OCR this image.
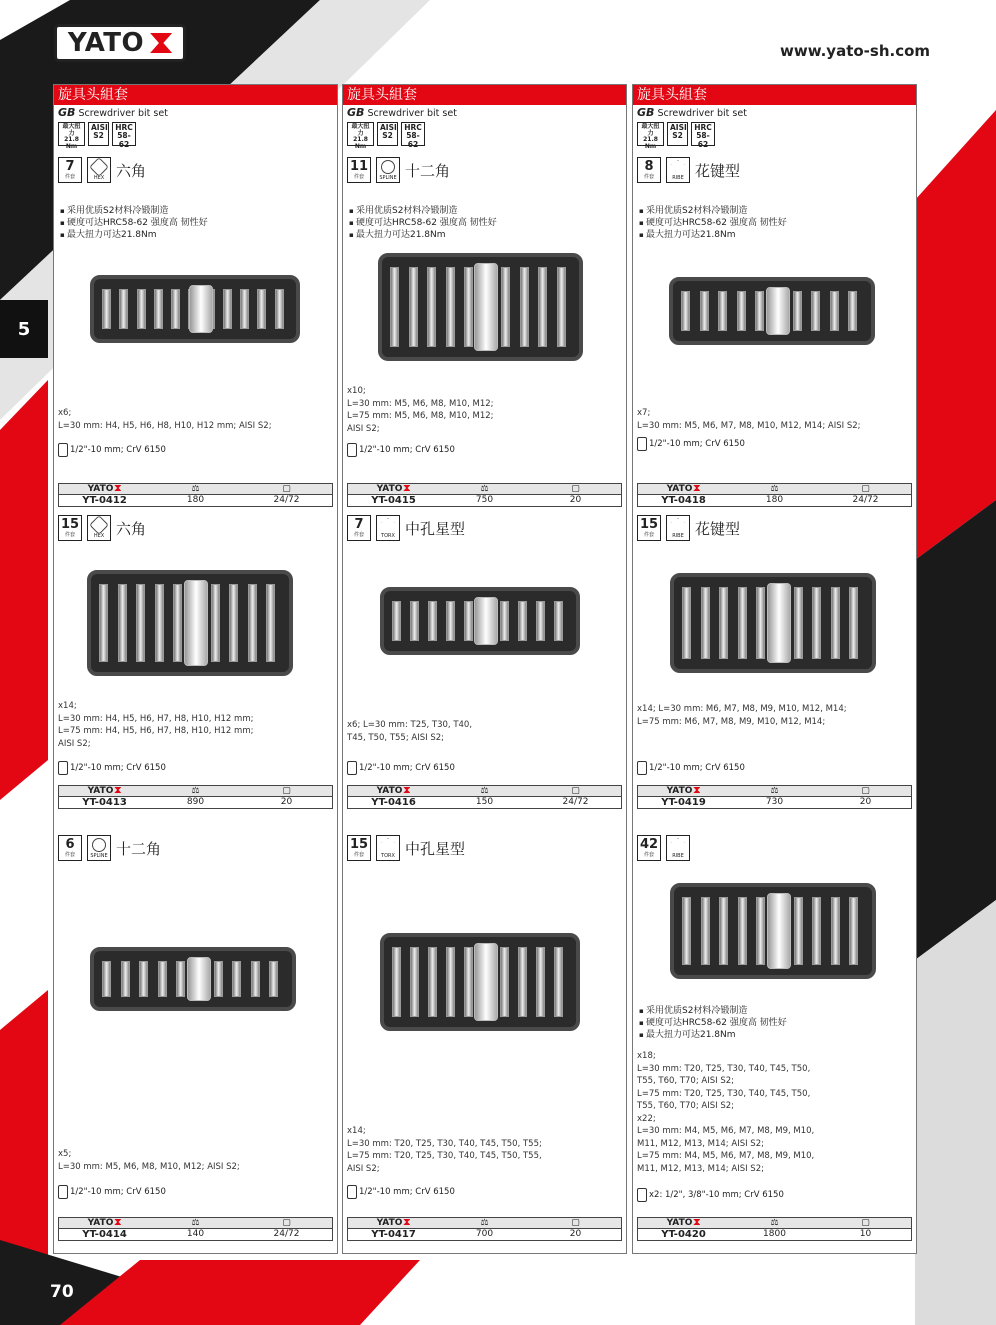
YATO	www.yato-sh.com
5
70
旋具头組套
GB Screwdriver bit set
最大扭力 21.8 Nm
AISI S2
HRC 58-62
7
件套	HEX 六角
▪ 采用优质S2材料冷锻制造
▪ 硬度可达HRC58-62 强度高 韧性好
▪ 最大扭力可达21.8Nm
x6;
L=30 mm: H4, H5, H6, H8, H10, H12 mm; AISI S2;
1/2"-10 mm; CrV 6150
YATO	⚖	▢
YT-0412	180	24/72
15
件套	HEX 六角
x14;
L=30 mm: H4, H5, H6, H7, H8, H10, H12 mm;
L=75 mm: H4, H5, H6, H7, H8, H10, H12 mm;
AISI S2;
1/2"-10 mm; CrV 6150
YATO	⚖	▢
YT-0413	890	20
6
件套	SPLINE 十二角
x5;
L=30 mm: M5, M6, M8, M10, M12; AISI S2;
1/2"-10 mm; CrV 6150
YATO	⚖	▢
YT-0414	140	24/72
旋具头組套
GB Screwdriver bit set
最大扭力 21.8 Nm
AISI S2
HRC 58-62
11
件套	SPLINE 十二角
▪ 采用优质S2材料冷锻制造
▪ 硬度可达HRC58-62 强度高 韧性好
▪ 最大扭力可达21.8Nm
x10;
L=30 mm: M5, M6, M8, M10, M12;
L=75 mm: M5, M6, M8, M10, M12;
AISI S2;
1/2"-10 mm; CrV 6150
YATO	⚖	▢
YT-0415	750	20
7
件套	TORX 中孔星型
x6; L=30 mm: T25, T30, T40,
T45, T50, T55; AISI S2;
1/2"-10 mm; CrV 6150
YATO	⚖	▢
YT-0416	150	24/72
15
件套	TORX 中孔星型
x14;
L=30 mm: T20, T25, T30, T40, T45, T50, T55;
L=75 mm: T20, T25, T30, T40, T45, T50, T55,
AISI S2;
1/2"-10 mm; CrV 6150
YATO	⚖	▢
YT-0417	700	20
旋具头組套
GB Screwdriver bit set
最大扭力 21.8 Nm
AISI S2
HRC 58-62
8
件套	RIBE 花键型
▪ 采用优质S2材料冷锻制造
▪ 硬度可达HRC58-62 强度高 韧性好
▪ 最大扭力可达21.8Nm
x7;
L=30 mm: M5, M6, M7, M8, M10, M12, M14; AISI S2;
1/2"-10 mm; CrV 6150
YATO	⚖	▢
YT-0418	180	24/72
15
件套	RIBE 花键型
x14; L=30 mm: M6, M7, M8, M9, M10, M12, M14;
L=75 mm: M6, M7, M8, M9, M10, M12, M14;
1/2"-10 mm; CrV 6150
YATO	⚖	▢
YT-0419	730	20
42
件套	RIBE
▪ 采用优质S2材料冷锻制造
▪ 硬度可达HRC58-62 强度高 韧性好
▪ 最大扭力可达21.8Nm
x18;
L=30 mm: T20, T25, T30, T40, T45, T50,
T55, T60, T70; AISI S2;
L=75 mm: T20, T25, T30, T40, T45, T50,
T55, T60, T70; AISI S2;
x22;
L=30 mm: M4, M5, M6, M7, M8, M9, M10,
M11, M12, M13, M14; AISI S2;
L=75 mm: M4, M5, M6, M7, M8, M9, M10,
M11, M12, M13, M14; AISI S2;
x2: 1/2", 3/8"-10 mm; CrV 6150
YATO	⚖	▢
YT-0420	1800	10
